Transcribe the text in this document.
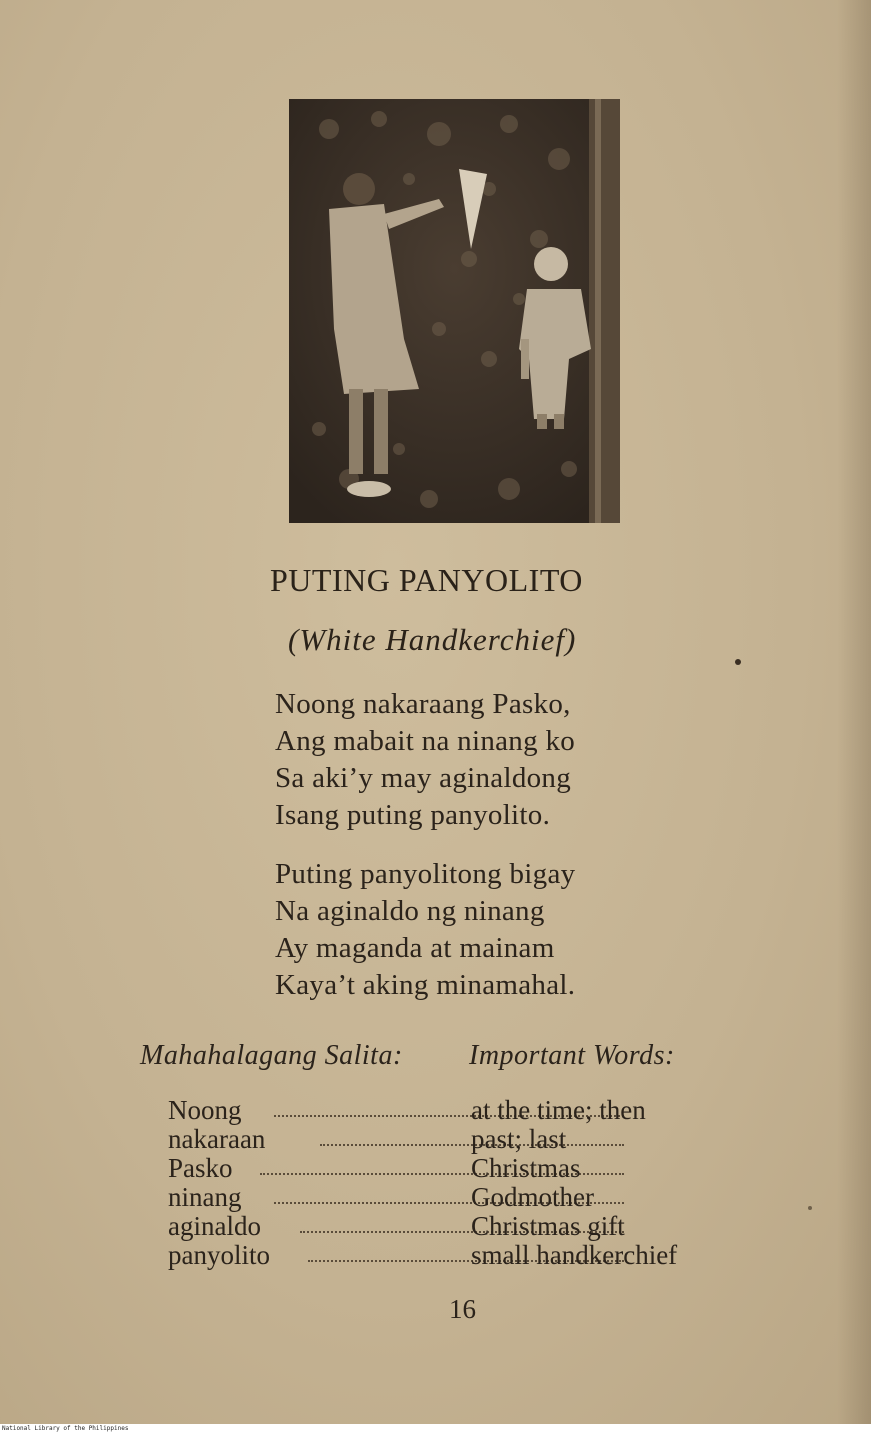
PUTING PANYOLITO
(White Handkerchief)
Noong nakaraang Pasko,
Ang mabait na ninang ko
Sa aki’y may aginaldong
Isang puting panyolito.
Puting panyolitong bigay
Na aginaldo ng ninang
Ay maganda at mainam
Kaya’t aking minamahal.
Mahahalagang Salita: Important Words:
Noong	at the time; then
nakaraan	past; last
Pasko	Christmas
ninang	Godmother
aginaldo	Christmas gift
panyolito	small handkerchief
16
National Library of the Philippines
